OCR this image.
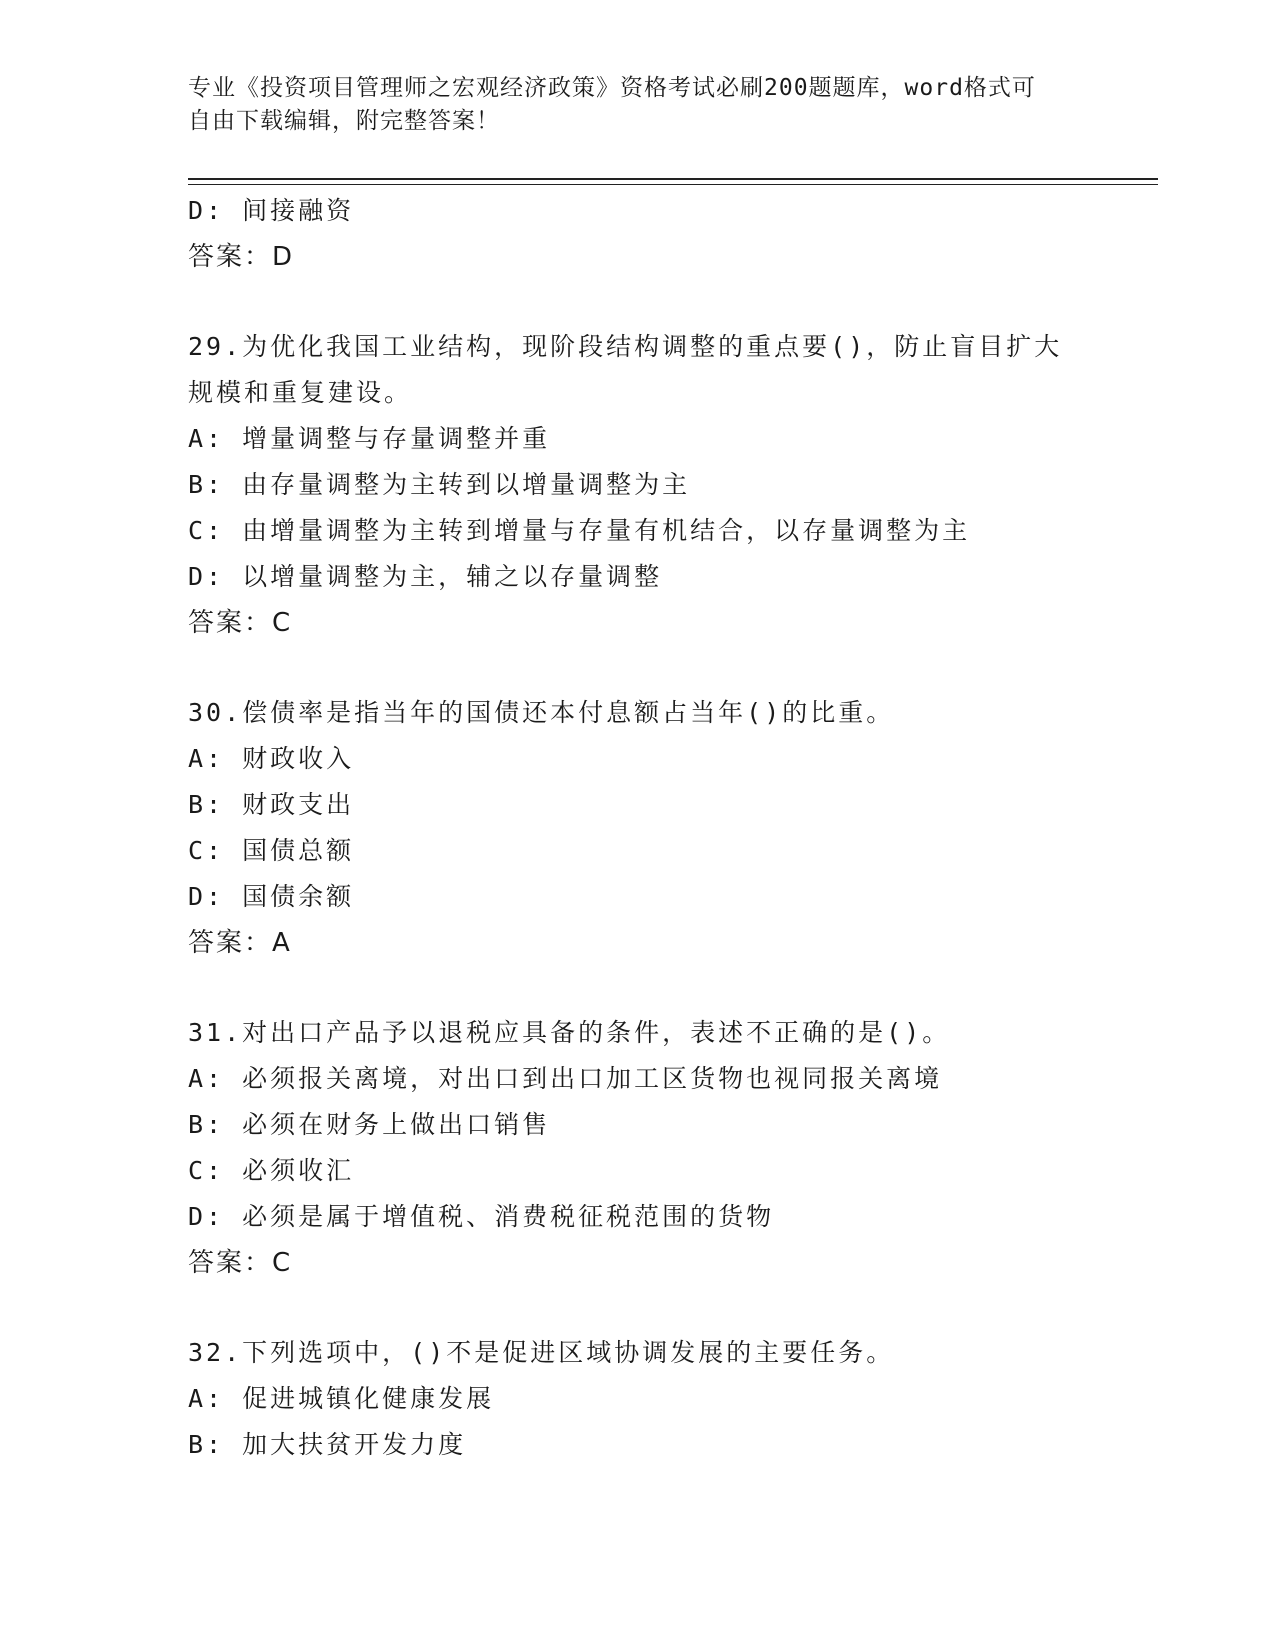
专业《投资项目管理师之宏观经济政策》资格考试必刷200题题库，word格式可
自由下载编辑，附完整答案！
D: 间接融资
答案：D
29.为优化我国工业结构，现阶段结构调整的重点要()，防止盲目扩大
规模和重复建设。
A: 增量调整与存量调整并重
B: 由存量调整为主转到以增量调整为主
C: 由增量调整为主转到增量与存量有机结合，以存量调整为主
D: 以增量调整为主，辅之以存量调整
答案：C
30.偿债率是指当年的国债还本付息额占当年()的比重。
A: 财政收入
B: 财政支出
C: 国债总额
D: 国债余额
答案：A
31.对出口产品予以退税应具备的条件，表述不正确的是()。
A: 必须报关离境，对出口到出口加工区货物也视同报关离境
B: 必须在财务上做出口销售
C: 必须收汇
D: 必须是属于增值税、消费税征税范围的货物
答案：C
32.下列选项中，()不是促进区域协调发展的主要任务。
A: 促进城镇化健康发展
B: 加大扶贫开发力度
